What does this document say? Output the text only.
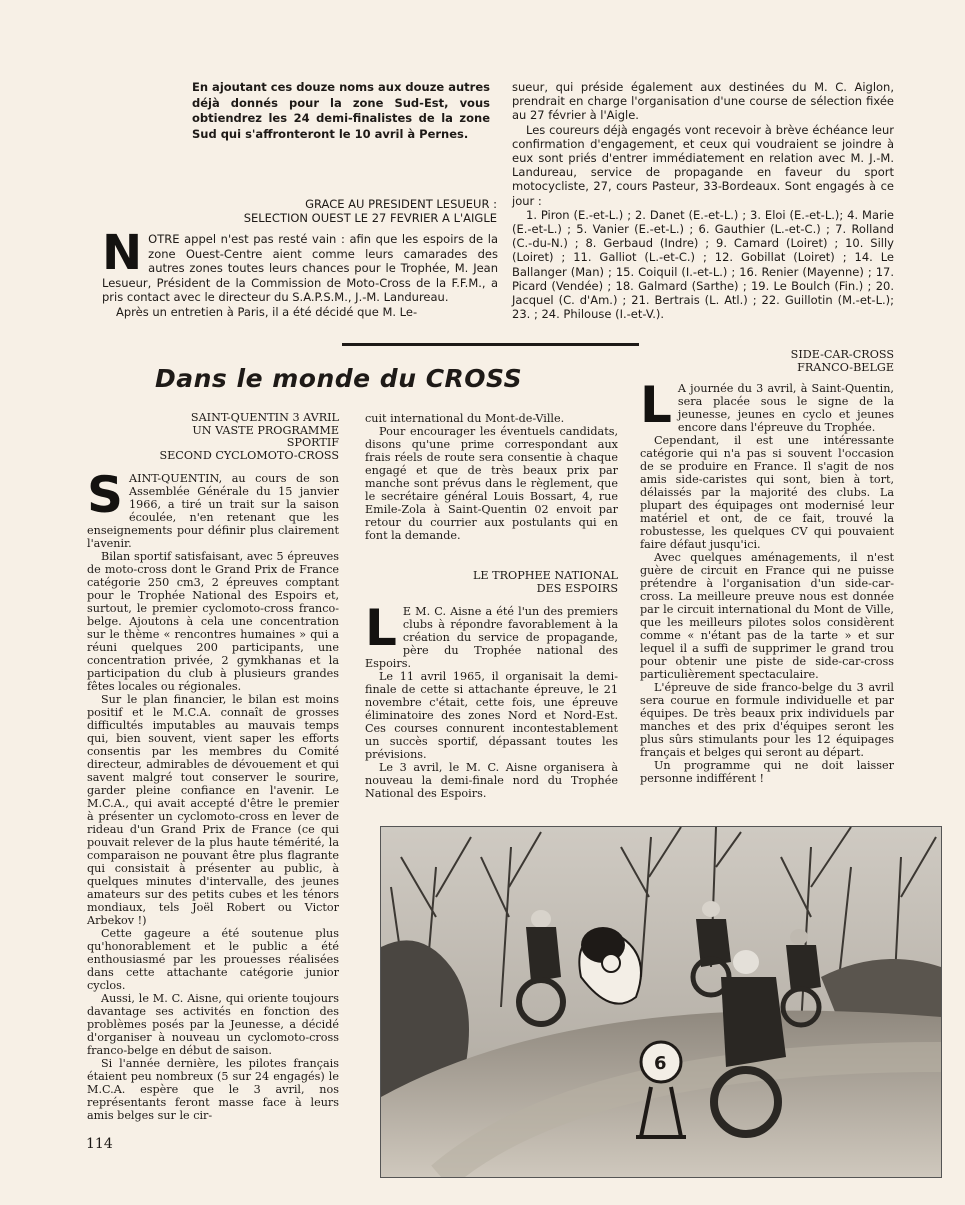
En ajoutant ces douze noms aux douze autres déjà donnés pour la zone Sud-Est, vous obtiendrez les 24 demi-finalistes de la zone Sud qui s'affronteront le 10 avril à Pernes.
GRACE AU PRESIDENT LESUEUR :
SELECTION OUEST LE 27 FEVRIER A L'AIGLE

NOTRE appel n'est pas resté vain : afin que les espoirs de la zone Ouest-Centre aient comme leurs camarades des autres zones toutes leurs chances pour le Trophée, M. Jean Lesueur, Président de la Commission de Moto-Cross de la F.F.M., a pris contact avec le directeur du S.A.P.S.M., J.-M. Landureau.

Après un entretien à Paris, il a été décidé que M. Le-

sueur, qui préside également aux destinées du M. C. Aiglon, prendrait en charge l'organisation d'une course de sélection fixée au 27 février à l'Aigle.

Les coureurs déjà engagés vont recevoir à brève échéance leur confirmation d'engagement, et ceux qui voudraient se joindre à eux sont priés d'entrer immédiatement en relation avec M. J.-M. Landureau, service de propagande en faveur du sport motocycliste, 27, cours Pasteur, 33-Bordeaux. Sont engagés à ce jour :

1. Piron (E.-et-L.) ; 2. Danet (E.-et-L.) ; 3. Eloi (E.-et-L.); 4. Marie (E.-et-L.) ; 5. Vanier (E.-et-L.) ; 6. Gauthier (L.-et-C.) ; 7. Rolland (C.-du-N.) ; 8. Gerbaud (Indre) ; 9. Camard (Loiret) ; 10. Silly (Loiret) ; 11. Galliot (L.-et-C.) ; 12. Gobillat (Loiret) ; 14. Le Ballanger (Man) ; 15. Coiquil (I.-et-L.) ; 16. Renier (Mayenne) ; 17. Picard (Vendée) ; 18. Galmard (Sarthe) ; 19. Le Boulch (Fin.) ; 20. Jacquel (C. d'Am.) ; 21. Bertrais (L. Atl.) ; 22. Guillotin (M.-et-L.); 23. ; 24. Philouse (I.-et-V.).

Dans le monde du CROSS
SAINT-QUENTIN 3 AVRIL
UN VASTE PROGRAMME
SPORTIF
SECOND CYCLOMOTO-CROSS

SAINT-QUENTIN, au cours de son Assemblée Générale du 15 janvier 1966, a tiré un trait sur la saison écoulée, n'en retenant que les enseignements pour définir plus clairement l'avenir.

Bilan sportif satisfaisant, avec 5 épreuves de moto-cross dont le Grand Prix de France catégorie 250 cm3, 2 épreuves comptant pour le Trophée National des Espoirs et, surtout, le premier cyclomoto-cross franco-belge. Ajoutons à cela une concentration sur le thème « rencontres humaines » qui a réuni quelques 200 participants, une concentration privée, 2 gymkhanas et la participation du club à plusieurs grandes fêtes locales ou régionales.

Sur le plan financier, le bilan est moins positif et le M.C.A. connaît de grosses difficultés imputables au mauvais temps qui, bien souvent, vient saper les efforts consentis par les membres du Comité directeur, admirables de dévouement et qui savent malgré tout conserver le sourire, garder pleine confiance en l'avenir. Le M.C.A., qui avait accepté d'être le premier à présenter un cyclomoto-cross en lever de rideau d'un Grand Prix de France (ce qui pouvait relever de la plus haute témérité, la comparaison ne pouvant être plus flagrante qui consistait à présenter au public, à quelques minutes d'intervalle, des jeunes amateurs sur des petits cubes et les ténors mondiaux, tels Joël Robert ou Victor Arbekov !)

Cette gageure a été soutenue plus qu'honorablement et le public a été enthousiasmé par les prouesses réalisées dans cette attachante catégorie junior cyclos.

Aussi, le M. C. Aisne, qui oriente toujours davantage ses activités en fonction des problèmes posés par la Jeunesse, a décidé d'organiser à nouveau un cyclomoto-cross franco-belge en début de saison.

Si l'année dernière, les pilotes français étaient peu nombreux (5 sur 24 engagés) le M.C.A. espère que le 3 avril, nos représentants feront masse face à leurs amis belges sur le cir-

cuit international du Mont-de-Ville.

Pour encourager les éventuels candidats, disons qu'une prime correspondant aux frais réels de route sera consentie à chaque engagé et que de très beaux prix par manche sont prévus dans le règlement, que le secrétaire général Louis Bossart, 4, rue Emile-Zola à Saint-Quentin 02 envoit par retour du courrier aux postulants qui en font la demande.

LE TROPHEE NATIONAL
DES ESPOIRS

L E M. C. Aisne a été l'un des premiers clubs à répondre favorablement à la création du service de propagande, père du Trophée national des Espoirs.

Le 11 avril 1965, il organisait la demi-finale de cette si attachante épreuve, le 21 novembre c'était, cette fois, une épreuve éliminatoire des zones Nord et Nord-Est. Ces courses connurent incontestablement un succès sportif, dépassant toutes les prévisions.

Le 3 avril, le M. C. Aisne organisera à nouveau la demi-finale nord du Trophée National des Espoirs.

SIDE-CAR-CROSS
FRANCO-BELGE

L A journée du 3 avril, à Saint-Quentin, sera placée sous le signe de la jeunesse, jeunes en cyclo et jeunes encore dans l'épreuve du Trophée.

Cependant, il est une intéressante catégorie qui n'a pas si souvent l'occasion de se produire en France. Il s'agit de nos amis side-caristes qui sont, bien à tort, délaissés par la majorité des clubs. La plupart des équipages ont modernisé leur matériel et ont, de ce fait, trouvé la robustesse, les quelques CV qui pouvaient faire défaut jusqu'ici.

Avec quelques aménagements, il n'est guère de circuit en France qui ne puisse prétendre à l'organisation d'un side-car-cross. La meilleure preuve nous est donnée par le circuit international du Mont de Ville, que les meilleurs pilotes solos considèrent comme « n'étant pas de la tarte » et sur lequel il a suffi de supprimer le grand trou pour obtenir une piste de side-car-cross particulièrement spectaculaire.

L'épreuve de side franco-belge du 3 avril sera courue en formule individuelle et par équipes. De très beaux prix individuels par manches et des prix d'équipes seront les plus sûrs stimulants pour les 12 équipages français et belges qui seront au départ.

Un programme qui ne doit laisser personne indifférent !

6
114
